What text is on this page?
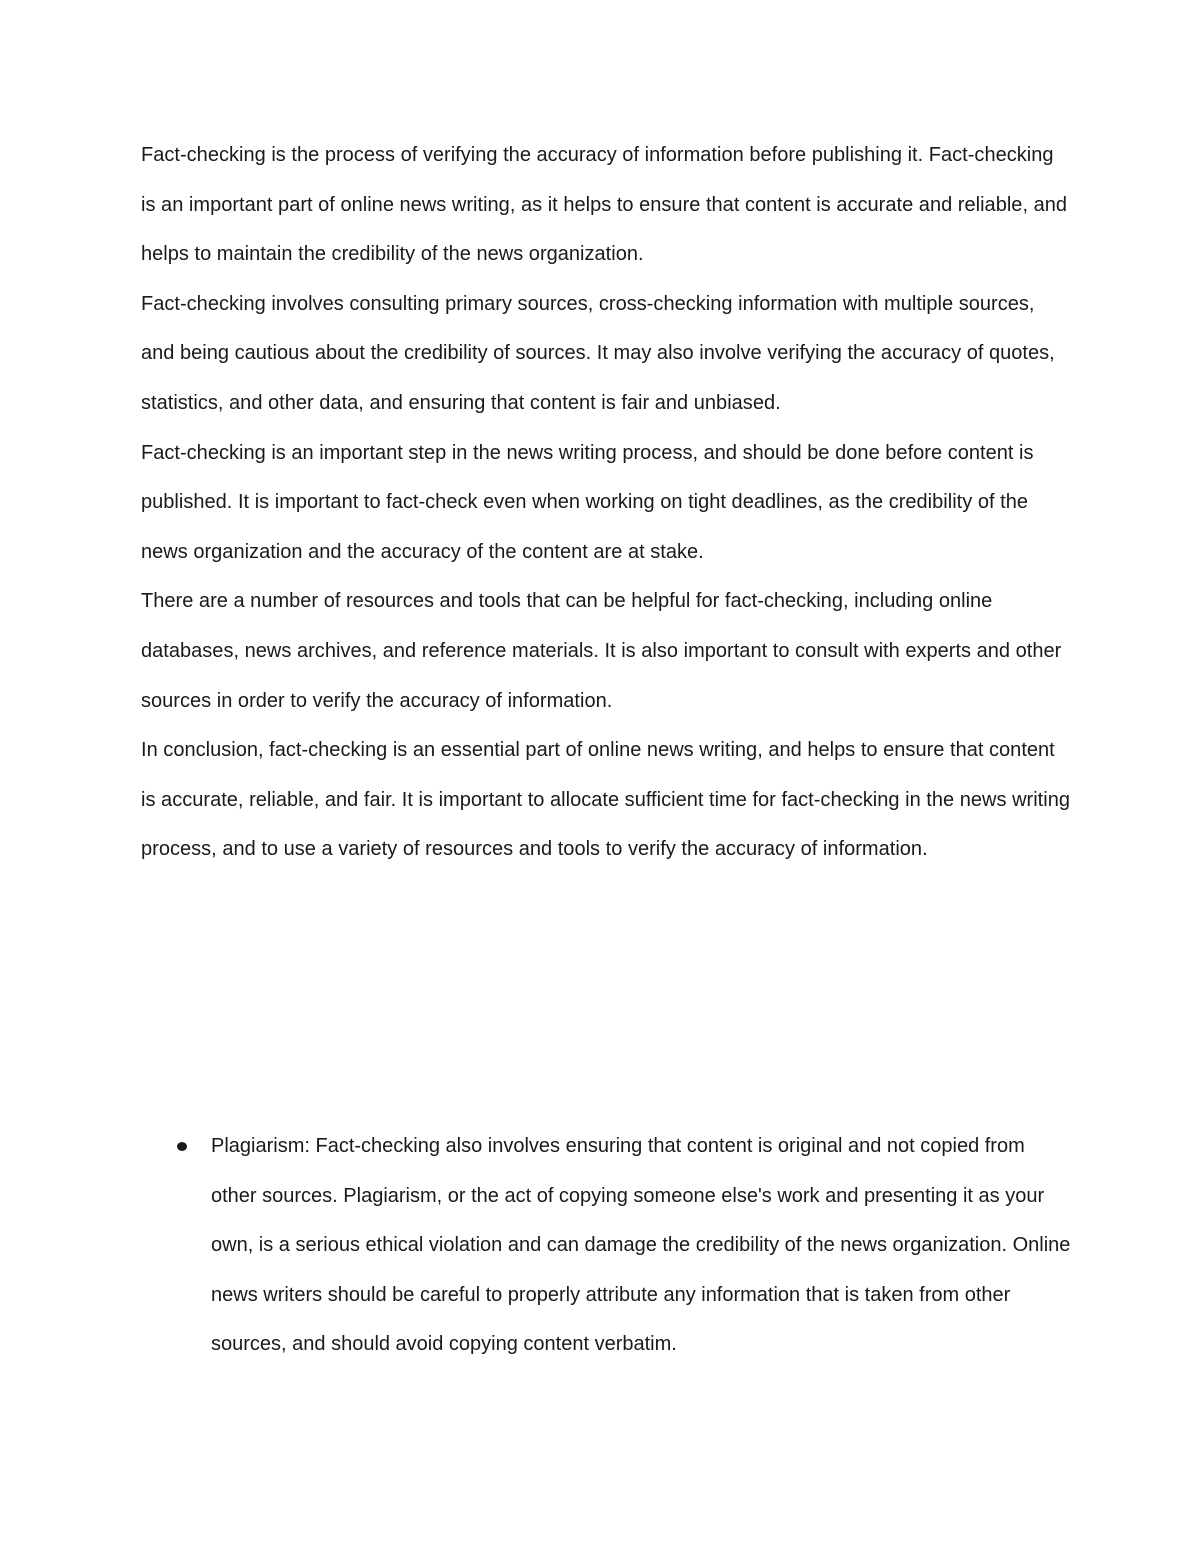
Fact-checking is the process of verifying the accuracy of information before publishing it. Fact-checking is an important part of online news writing, as it helps to ensure that content is accurate and reliable, and helps to maintain the credibility of the news organization.

Fact-checking involves consulting primary sources, cross-checking information with multiple sources, and being cautious about the credibility of sources. It may also involve verifying the accuracy of quotes, statistics, and other data, and ensuring that content is fair and unbiased.

Fact-checking is an important step in the news writing process, and should be done before content is published. It is important to fact-check even when working on tight deadlines, as the credibility of the news organization and the accuracy of the content are at stake.

There are a number of resources and tools that can be helpful for fact-checking, including online databases, news archives, and reference materials. It is also important to consult with experts and other sources in order to verify the accuracy of information.

In conclusion, fact-checking is an essential part of online news writing, and helps to ensure that content is accurate, reliable, and fair. It is important to allocate sufficient time for fact-checking in the news writing process, and to use a variety of resources and tools to verify the accuracy of information.

Plagiarism: Fact-checking also involves ensuring that content is original and not copied from other sources. Plagiarism, or the act of copying someone else's work and presenting it as your own, is a serious ethical violation and can damage the credibility of the news organization. Online news writers should be careful to properly attribute any information that is taken from other sources, and should avoid copying content verbatim.
